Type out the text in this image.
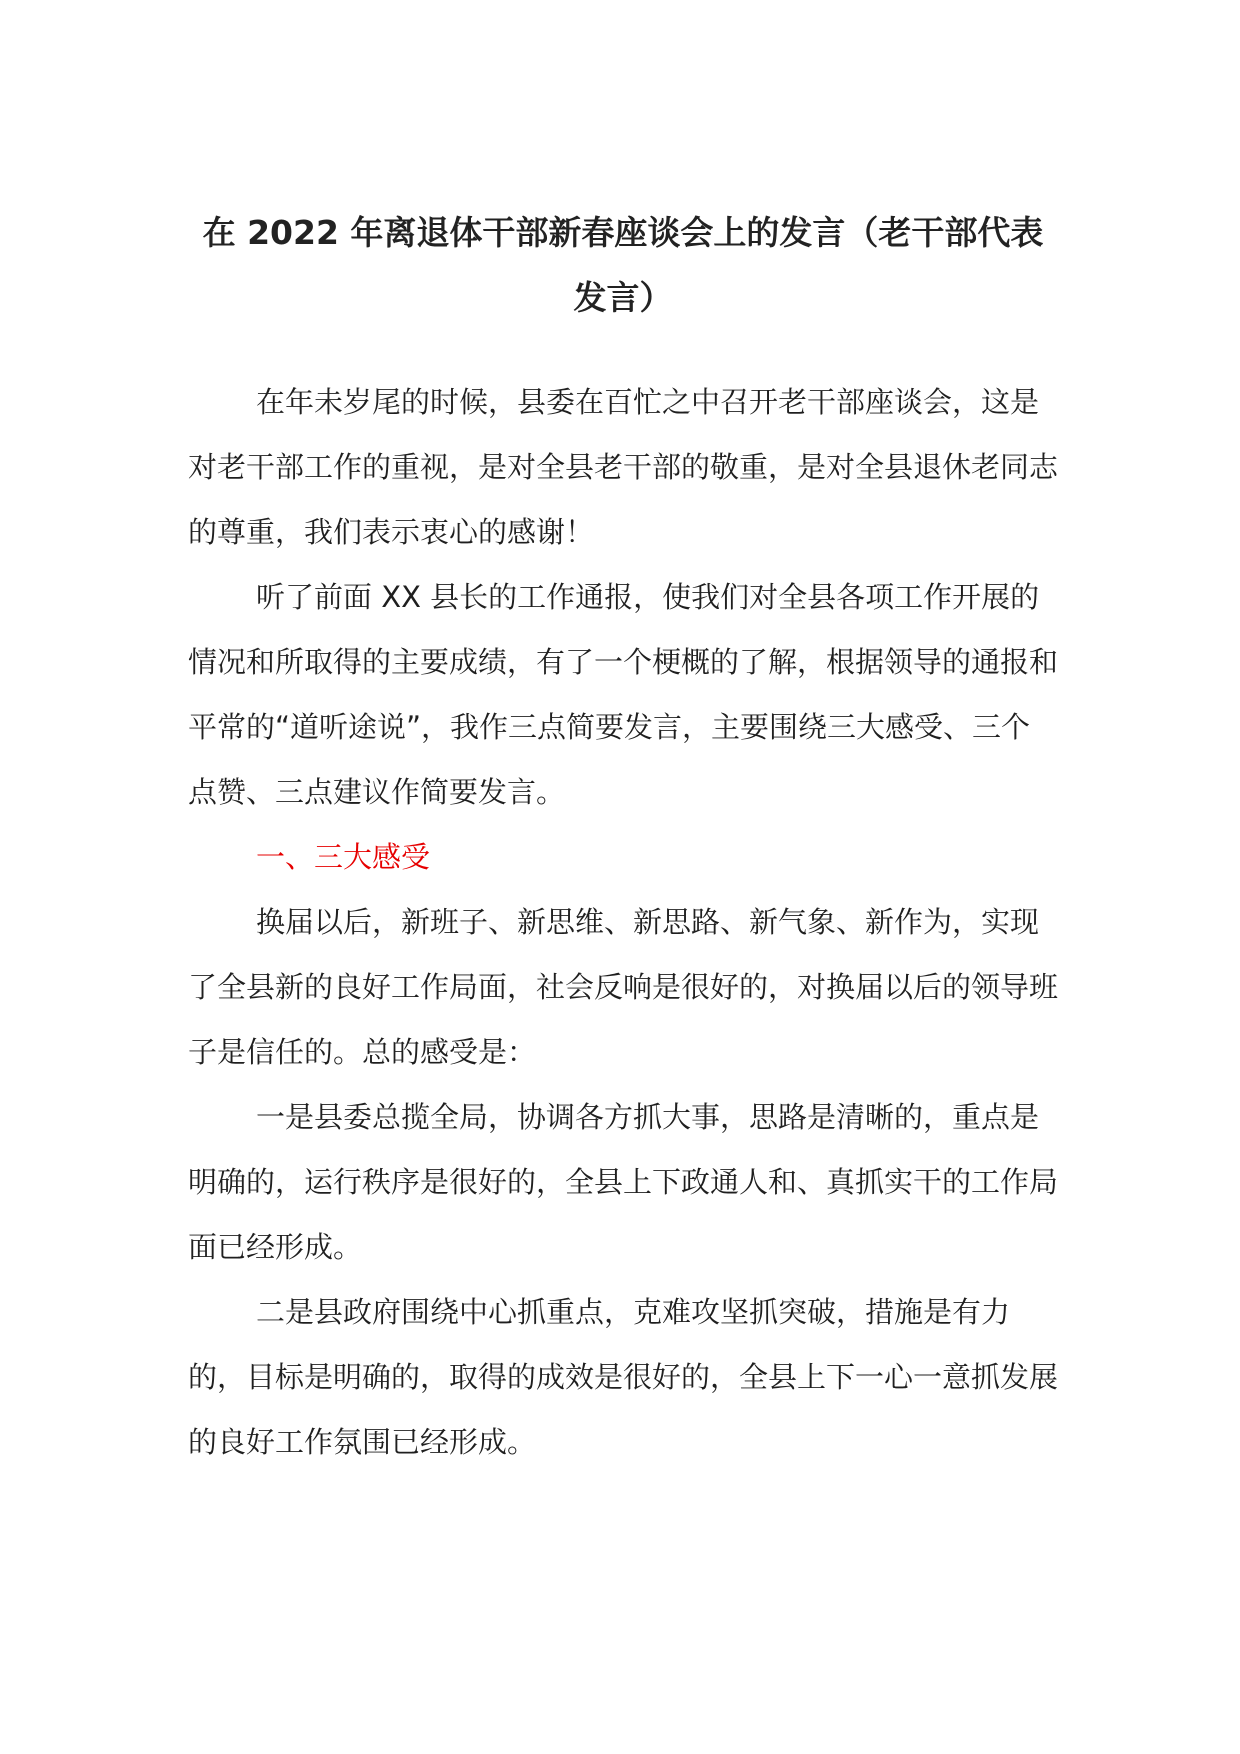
在 2022 年离退体干部新春座谈会上的发言（老干部代表发言）

在年未岁尾的时候，县委在百忙之中召开老干部座谈会，这是对老干部工作的重视，是对全县老干部的敬重，是对全县退休老同志的尊重，我们表示衷心的感谢！

听了前面 XX 县长的工作通报，使我们对全县各项工作开展的情况和所取得的主要成绩，有了一个梗概的了解，根据领导的通报和平常的“道听途说”，我作三点简要发言，主要围绕三大感受、三个点赞、三点建议作简要发言。

一、三大感受

换届以后，新班子、新思维、新思路、新气象、新作为，实现了全县新的良好工作局面，社会反响是很好的，对换届以后的领导班子是信任的。总的感受是：

一是县委总揽全局，协调各方抓大事，思路是清晰的，重点是明确的，运行秩序是很好的，全县上下政通人和、真抓实干的工作局面已经形成。

二是县政府围绕中心抓重点，克难攻坚抓突破，措施是有力的，目标是明确的，取得的成效是很好的，全县上下一心一意抓发展的良好工作氛围已经形成。
